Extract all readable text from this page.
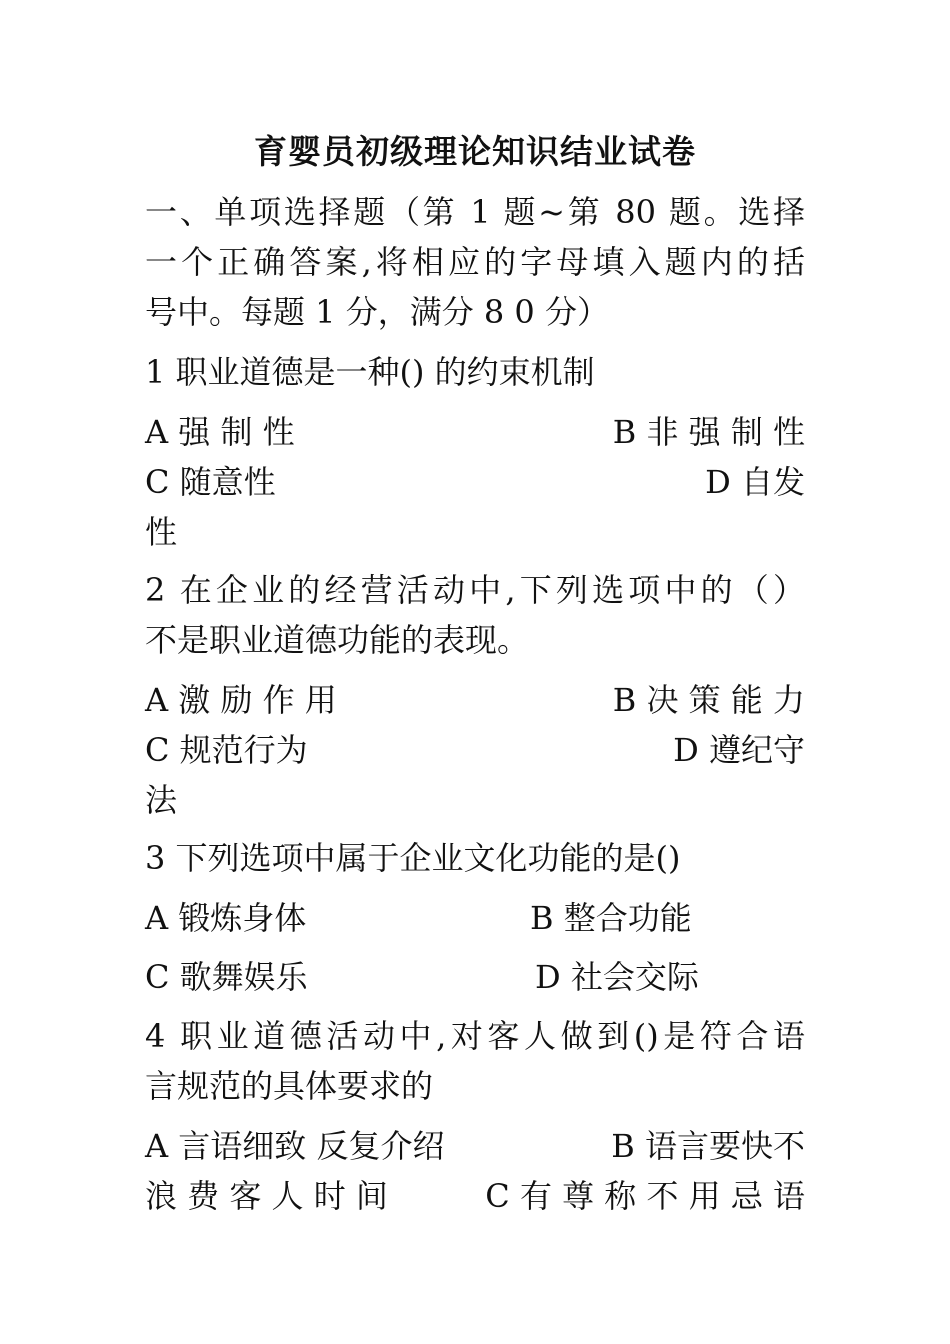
育婴员初级理论知识结业试卷
一、单项选择题（第 1 题~第 80 题。选择
一个正确答案,将相应的字母填入题内的括
号中。每题 1 分，满分 8 0 分）
1 职业道德是一种() 的约束机制
A 强 制 性	B 非 强 制 性
C 随意性	D 自发
性
2 在企业的经营活动中,下列选项中的（）
不是职业道德功能的表现。
A 激 励 作 用	B 决 策 能 力
C 规范行为	D 遵纪守
法
3 下列选项中属于企业文化功能的是()
A 锻炼身体	B 整合功能
C 歌舞娱乐	D 社会交际
4 职业道德活动中,对客人做到()是符合语
言规范的具体要求的
A 言语细致 反复介绍	B 语言要快不
浪 费 客 人 时 间	C 有 尊 称 不 用 忌 语
